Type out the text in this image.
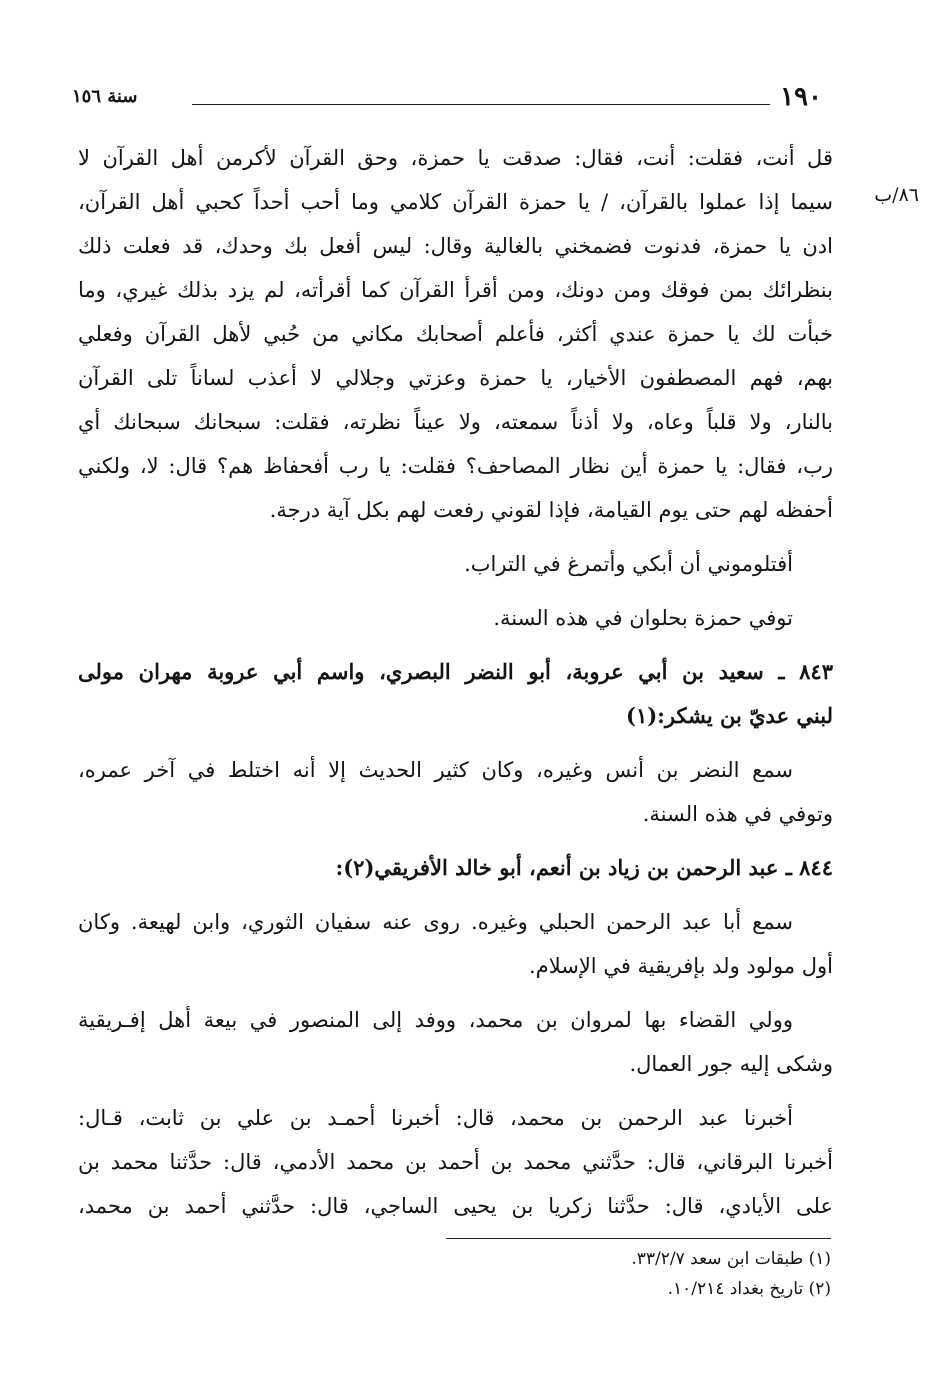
١٩٠
سنة ١٥٦
٨٦/ب
قل أنت، فقلت: أنت، فقال: صدقت يا حمزة، وحق القرآن لأكرمن أهل القرآن لا
سيما إذا عملوا بالقرآن، / يا حمزة القرآن كلامي وما أحب أحداً كحبي أهل القرآن،
ادن يا حمزة، فدنوت فضمخني بالغالية وقال: ليس أفعل بك وحدك، قد فعلت ذلك
بنظرائك بمن فوقك ومن دونك، ومن أقرأ القرآن كما أقرأته، لم يزد بذلك غيري، وما
خبأت لك يا حمزة عندي أكثر، فأعلم أصحابك مكاني من حُبي لأهل القرآن وفعلي
بهم، فهم المصطفون الأخيار، يا حمزة وعزتي وجلالي لا أعذب لساناً تلى القرآن
بالنار، ولا قلباً وعاه، ولا أذناً سمعته، ولا عيناً نظرته، فقلت: سبحانك سبحانك أي
رب، فقال: يا حمزة أين نظار المصاحف؟ فقلت: يا رب أفحفاظ هم؟ قال: لا، ولكني
أحفظه لهم حتى يوم القيامة، فإذا لقوني رفعت لهم بكل آية درجة.
أفتلوموني أن أبكي وأتمرغ في التراب.
توفي حمزة بحلوان في هذه السنة.
٨٤٣ ـ سعيد بن أبي عروبة، أبو النضر البصري، واسم أبي عروبة مهران مولى
لبني عديّ بن يشكر:(١)
سمع النضر بن أنس وغيره، وكان كثير الحديث إلا أنه اختلط في آخر عمره،
وتوفي في هذه السنة.
٨٤٤ ـ عبد الرحمن بن زياد بن أنعم، أبو خالد الأفريقي(٢):
سمع أبا عبد الرحمن الحبلي وغيره. روى عنه سفيان الثوري، وابن لهيعة. وكان
أول مولود ولد بإفريقية في الإسلام.
وولي القضاء بها لمروان بن محمد، ووفد إلى المنصور في بيعة أهل إفـريقية
وشكى إليه جور العمال.
أخبرنا عبد الرحمن بن محمد، قال: أخبرنا أحمـد بن علي بن ثابت، قـال:
أخبرنا البرقاني، قال: حدَّثني محمد بن أحمد بن محمد الأدمي، قال: حدَّثنا محمد بن
على الأيادي، قال: حدَّثنا زكريا بن يحيى الساجي، قال: حدَّثني أحمد بن محمد،
(١) طبقات ابن سعد ٣٣/٢/٧.
(٢) تاريخ بغداد ١٠/٢١٤.
